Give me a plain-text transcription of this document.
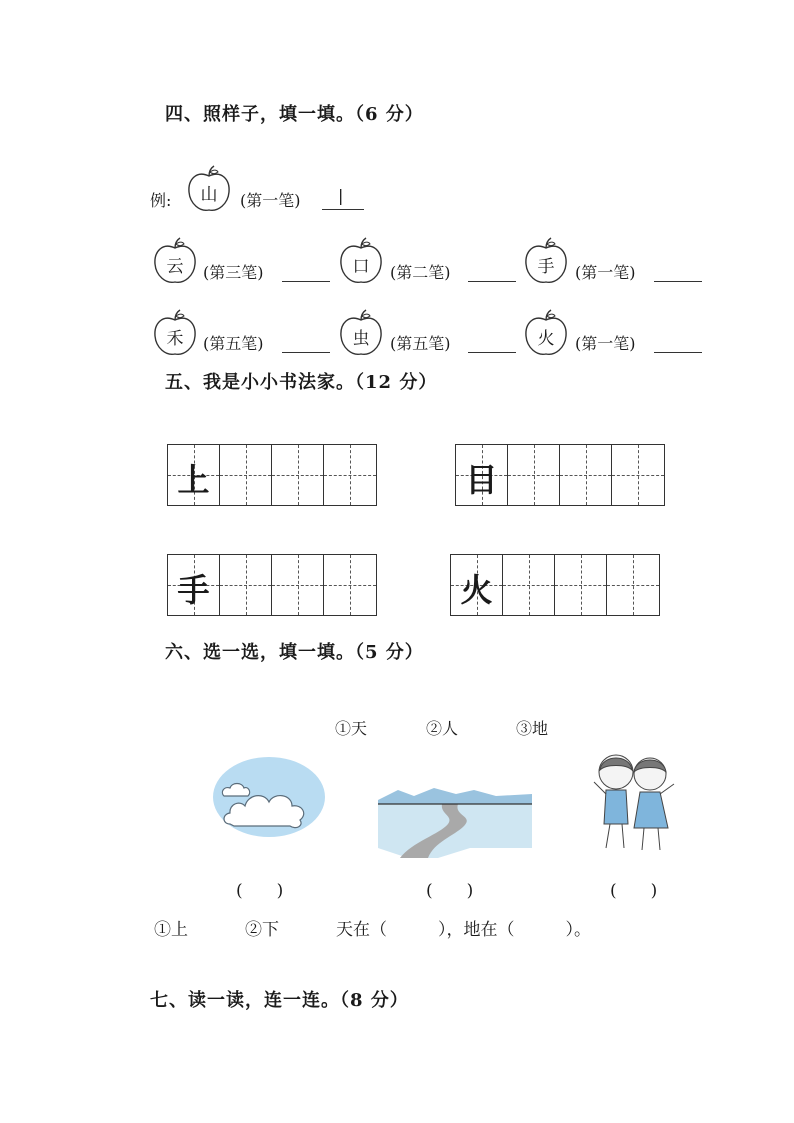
四、照样子，填一填。（6 分）
例:	山	(第一笔) |
云	(第三笔)	口	(第二笔)	手	(第一笔)
禾	(第五笔)	虫	(第五笔)	火	(第一笔)
五、我是小小书法家。（12 分）
上	目
手	火
六、选一选，填一填。（5 分）
①天	②人	③地
(　　)	(　　)	(　　)
①上	②下	天在（　　　），地在（　　　）。
七、读一读，连一连。（8 分）
